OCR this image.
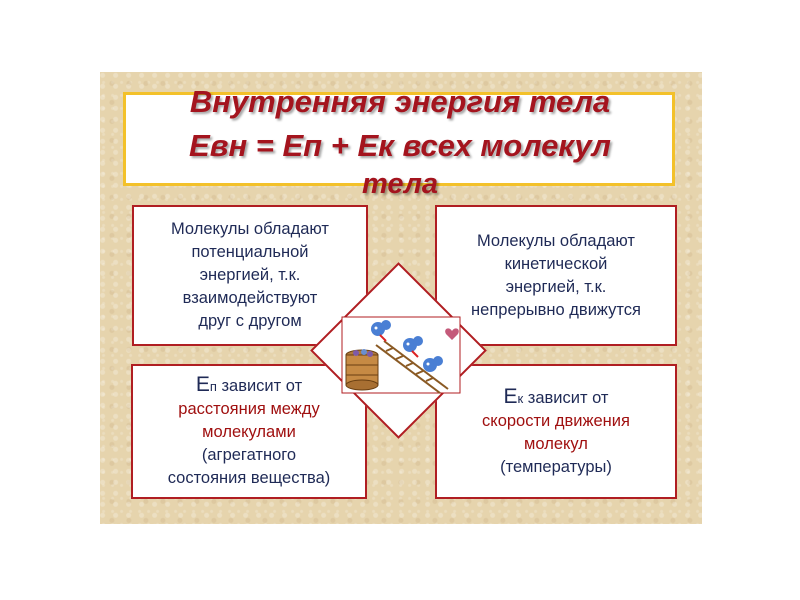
Внутренняя энергия тела
Eвн = Eп + Eк всех молекул
тела
Молекулы обладают
потенциальной
энергией, т.к.
взаимодействуют
друг с другом
Молекулы обладают
кинетической
энергией, т.к.
непрерывно движутся
Eп зависит от
расстояния между
молекулами
(агрегатного
состояния вещества)
Eк зависит от
скорости движения
молекул
(температуры)
